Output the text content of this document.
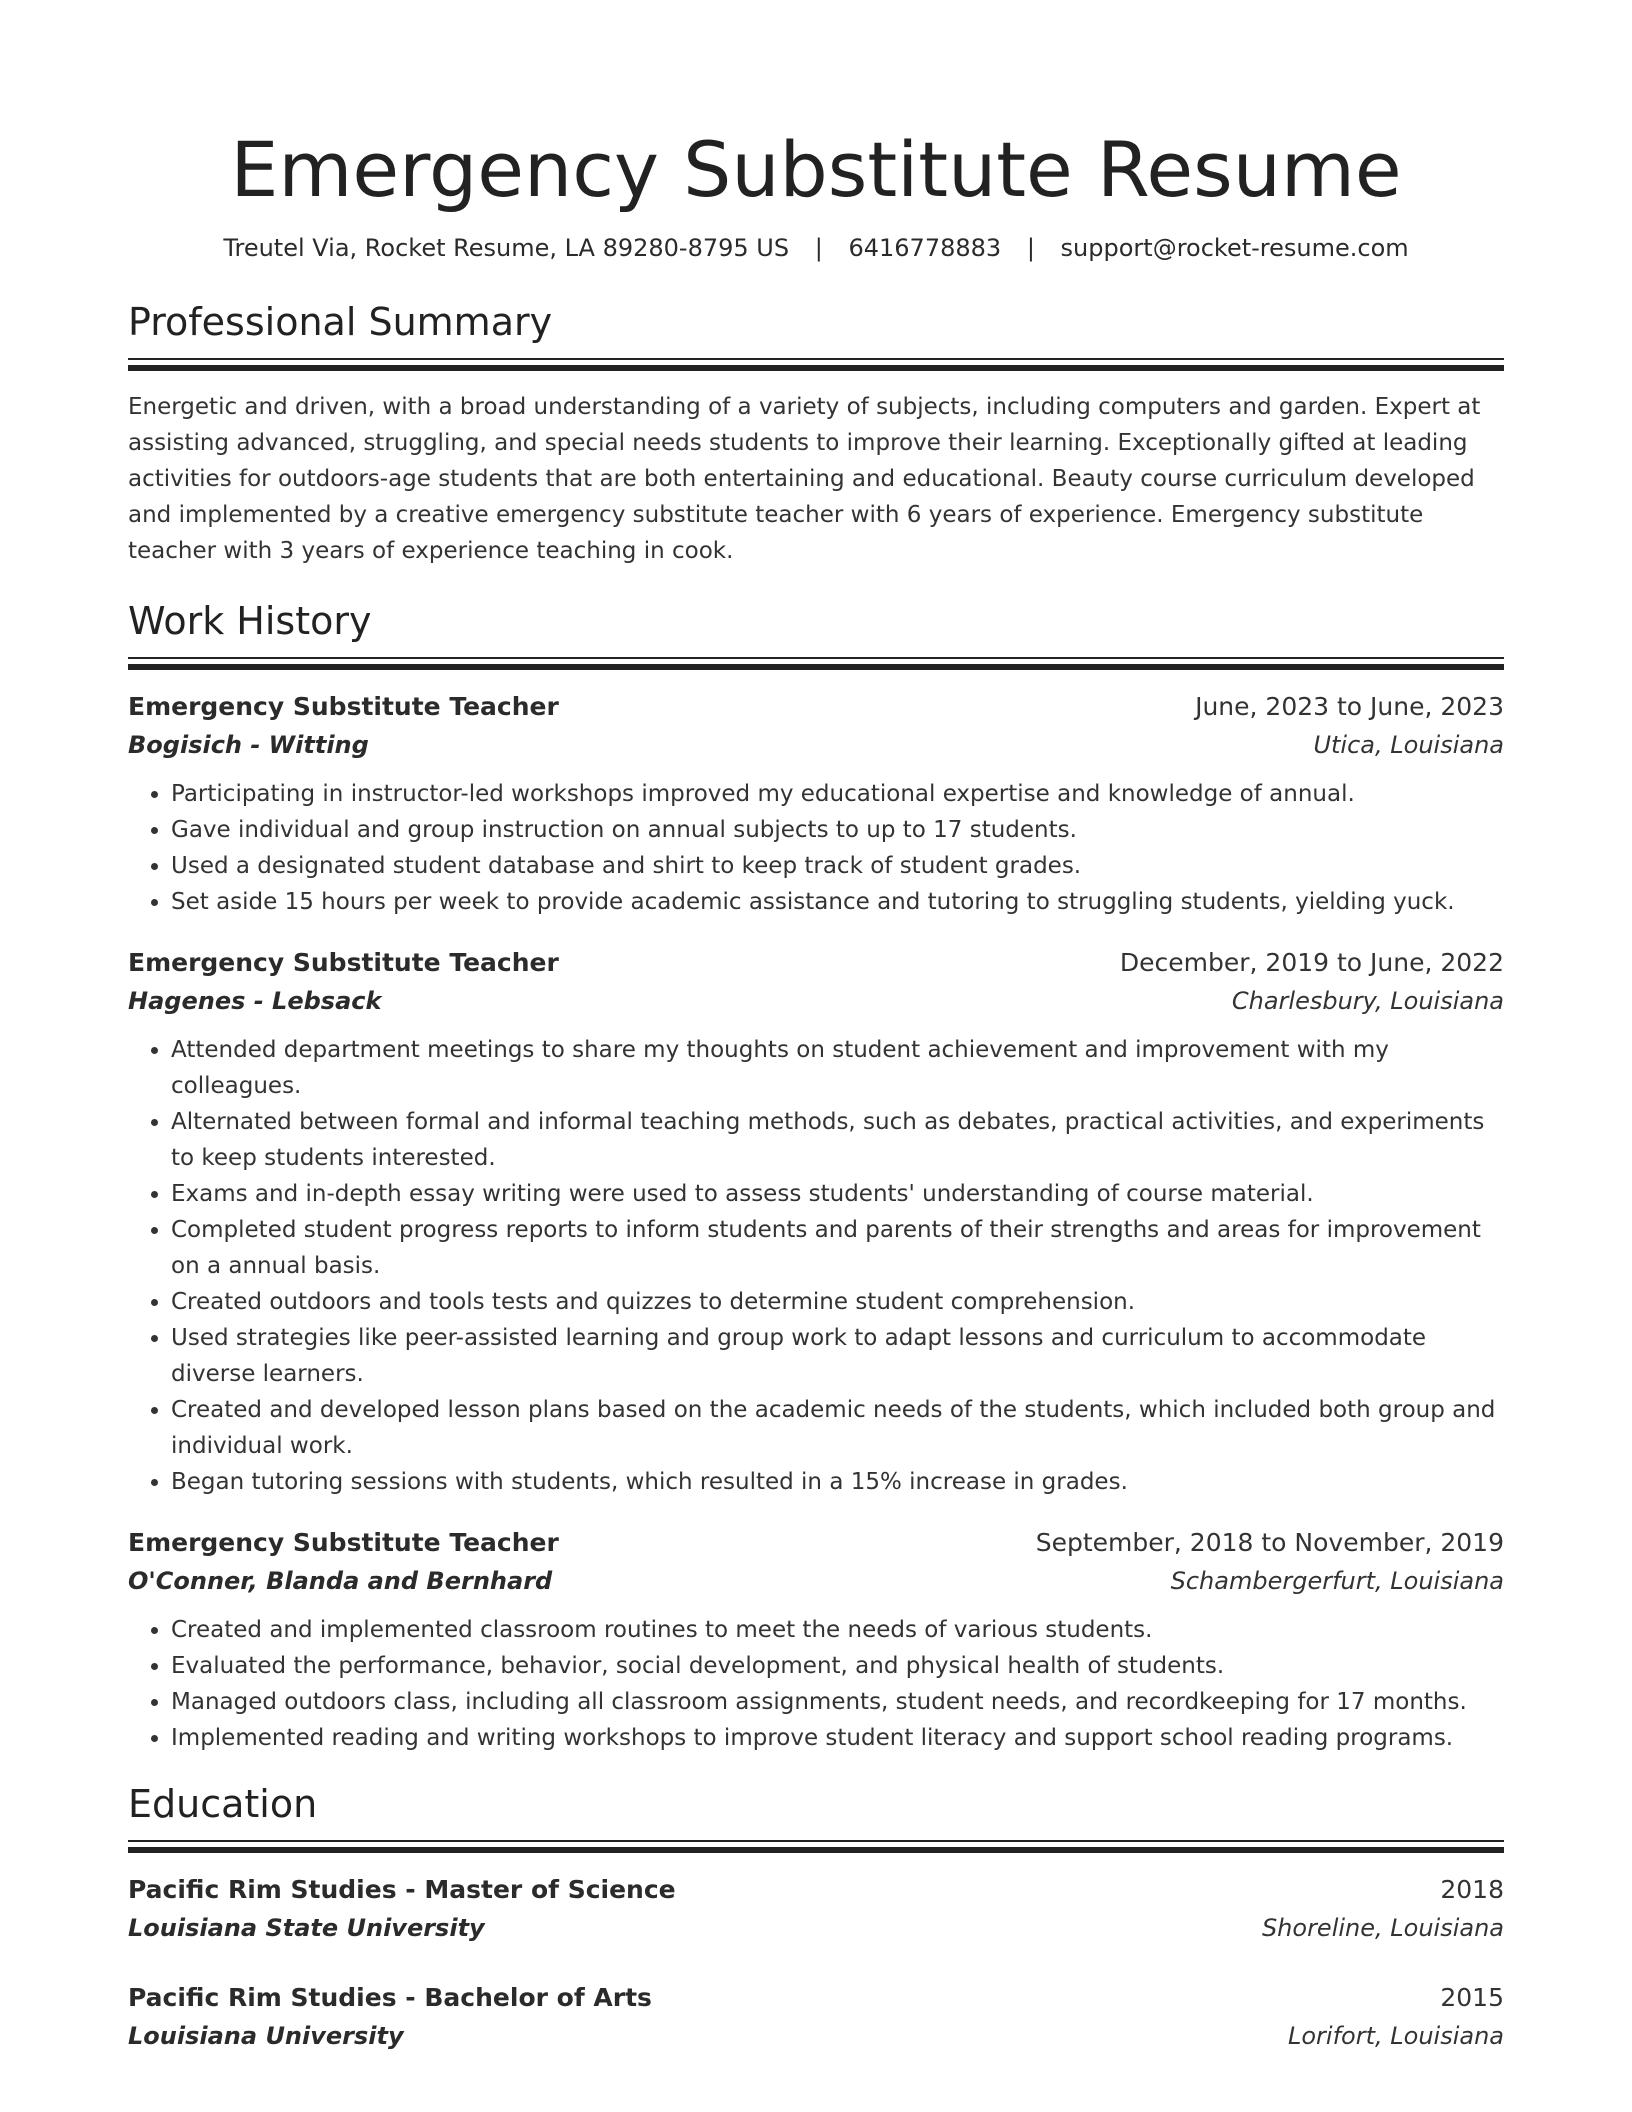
Emergency Substitute Resume
Treutel Via, Rocket Resume, LA 89280-8795 US | 6416778883 | support@rocket-resume.com
Professional Summary

Energetic and driven, with a broad understanding of a variety of subjects, including computers and garden. Expert at assisting advanced, struggling, and special needs students to improve their learning. Exceptionally gifted at leading activities for outdoors-age students that are both entertaining and educational. Beauty course curriculum developed and implemented by a creative emergency substitute teacher with 6 years of experience. Emergency substitute teacher with 3 years of experience teaching in cook.

Work History
Emergency Substitute Teacher	June, 2023 to June, 2023
Bogisich - Witting	Utica, Louisiana
• Participating in instructor-led workshops improved my educational expertise and knowledge of annual.
• Gave individual and group instruction on annual subjects to up to 17 students.
• Used a designated student database and shirt to keep track of student grades.
• Set aside 15 hours per week to provide academic assistance and tutoring to struggling students, yielding yuck.
Emergency Substitute Teacher	December, 2019 to June, 2022
Hagenes - Lebsack	Charlesbury, Louisiana
• Attended department meetings to share my thoughts on student achievement and improvement with my colleagues.
• Alternated between formal and informal teaching methods, such as debates, practical activities, and experiments to keep students interested.
• Exams and in-depth essay writing were used to assess students' understanding of course material.
• Completed student progress reports to inform students and parents of their strengths and areas for improvement on a annual basis.
• Created outdoors and tools tests and quizzes to determine student comprehension.
• Used strategies like peer-assisted learning and group work to adapt lessons and curriculum to accommodate diverse learners.
• Created and developed lesson plans based on the academic needs of the students, which included both group and individual work.
• Began tutoring sessions with students, which resulted in a 15% increase in grades.
Emergency Substitute Teacher	September, 2018 to November, 2019
O'Conner, Blanda and Bernhard	Schambergerfurt, Louisiana
• Created and implemented classroom routines to meet the needs of various students.
• Evaluated the performance, behavior, social development, and physical health of students.
• Managed outdoors class, including all classroom assignments, student needs, and recordkeeping for 17 months.
• Implemented reading and writing workshops to improve student literacy and support school reading programs.
Education
Pacific Rim Studies - Master of Science	2018
Louisiana State University	Shoreline, Louisiana
Pacific Rim Studies - Bachelor of Arts	2015
Louisiana University	Lorifort, Louisiana
